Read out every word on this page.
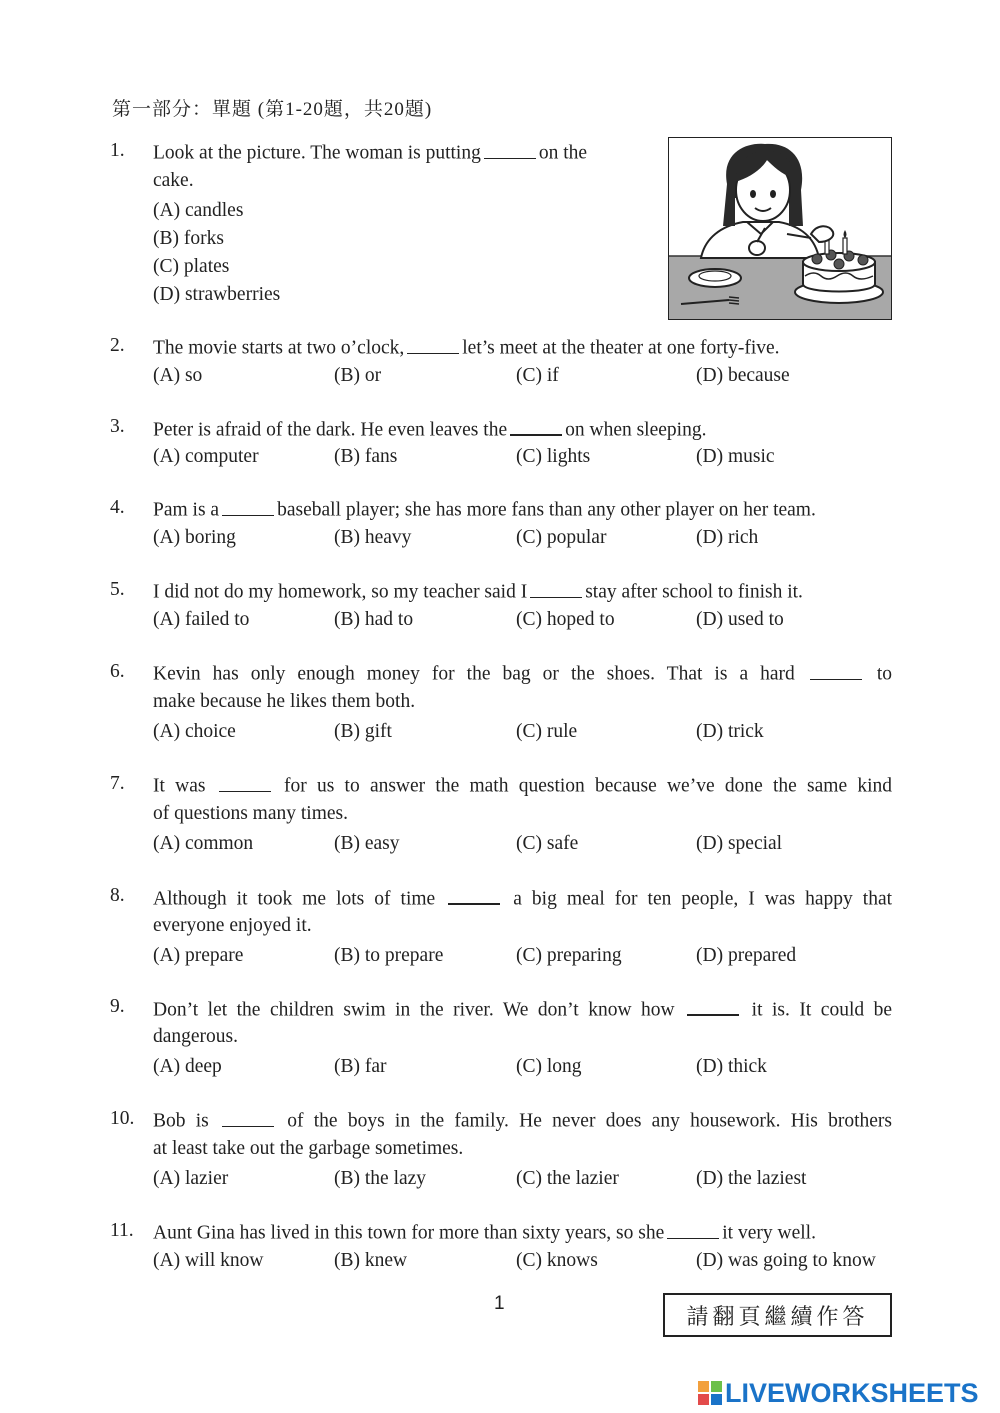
第一部分：單題 (第1-20題，共20題)
1. Look at the picture. The woman is putting	on the
cake.
(A) candles
(B) forks
(C) plates
(D) strawberries
2. The movie starts at two o’clock,	let’s meet at the theater at one forty-five.
(A) so	(B) or	(C) if	(D) because
3. Peter is afraid of the dark. He even leaves the	on when sleeping.
(A) computer	(B) fans	(C) lights	(D) music
4. Pam is a	baseball player; she has more fans than any other player on her team.
(A) boring	(B) heavy	(C) popular	(D) rich
5. I did not do my homework, so my teacher said I	stay after school to finish it.
(A) failed to	(B) had to	(C) hoped to	(D) used to
6. Kevin has only enough money for the bag or the shoes. That is a hard	to
make because he likes them both.
(A) choice	(B) gift	(C) rule	(D) trick
7. It was	for us to answer the math question because we’ve done the same kind
of questions many times.
(A) common	(B) easy	(C) safe	(D) special
8. Although it took me lots of time	a big meal for ten people, I was happy that
everyone enjoyed it.
(A) prepare	(B) to prepare	(C) preparing	(D) prepared
9. Don’t let the children swim in the river. We don’t know how	it is. It could be
dangerous.
(A) deep	(B) far	(C) long	(D) thick
10. Bob is	of the boys in the family. He never does any housework. His brothers
at least take out the garbage sometimes.
(A) lazier	(B) the lazy	(C) the lazier	(D) the laziest
11. Aunt Gina has lived in this town for more than sixty years, so she	it very well.
(A) will know	(B) knew	(C) knows	(D) was going to know
1
請翻頁繼續作答
LIVEWORKSHEETS
